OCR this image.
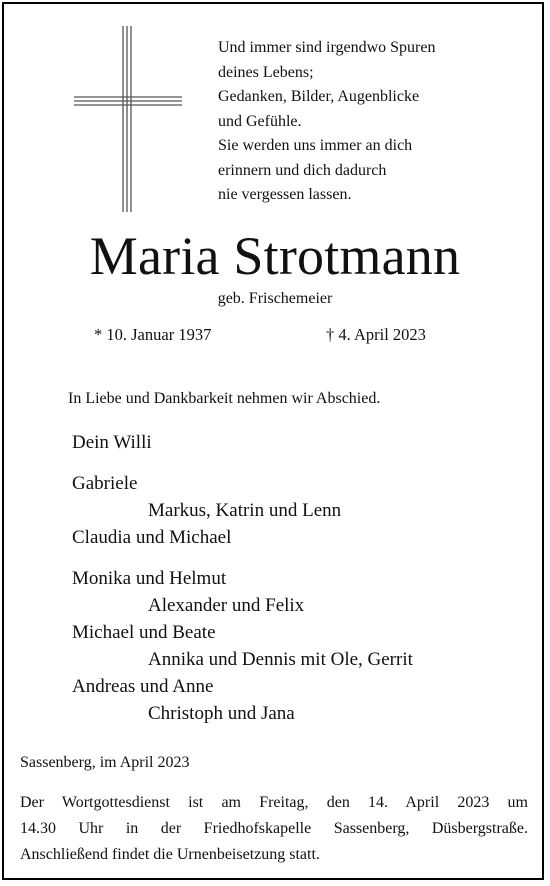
Und immer sind irgendwo Spuren
deines Lebens;
Gedanken, Bilder, Augenblicke
und Gefühle.
Sie werden uns immer an dich
erinnern und dich dadurch
nie vergessen lassen.
Maria Strotmann
geb. Frischemeier
* 10. Januar 1937	† 4. April 2023
In Liebe und Dankbarkeit nehmen wir Abschied.
Dein Willi
Gabriele
Markus, Katrin und Lenn
Claudia und Michael
Monika und Helmut
Alexander und Felix
Michael und Beate
Annika und Dennis mit Ole, Gerrit
Andreas und Anne
Christoph und Jana
Sassenberg, im April 2023
Der Wortgottesdienst ist am Freitag, den 14. April 2023 um
14.30 Uhr in der Friedhofskapelle Sassenberg, Düsbergstraße.
Anschließend findet die Urnenbeisetzung statt.
